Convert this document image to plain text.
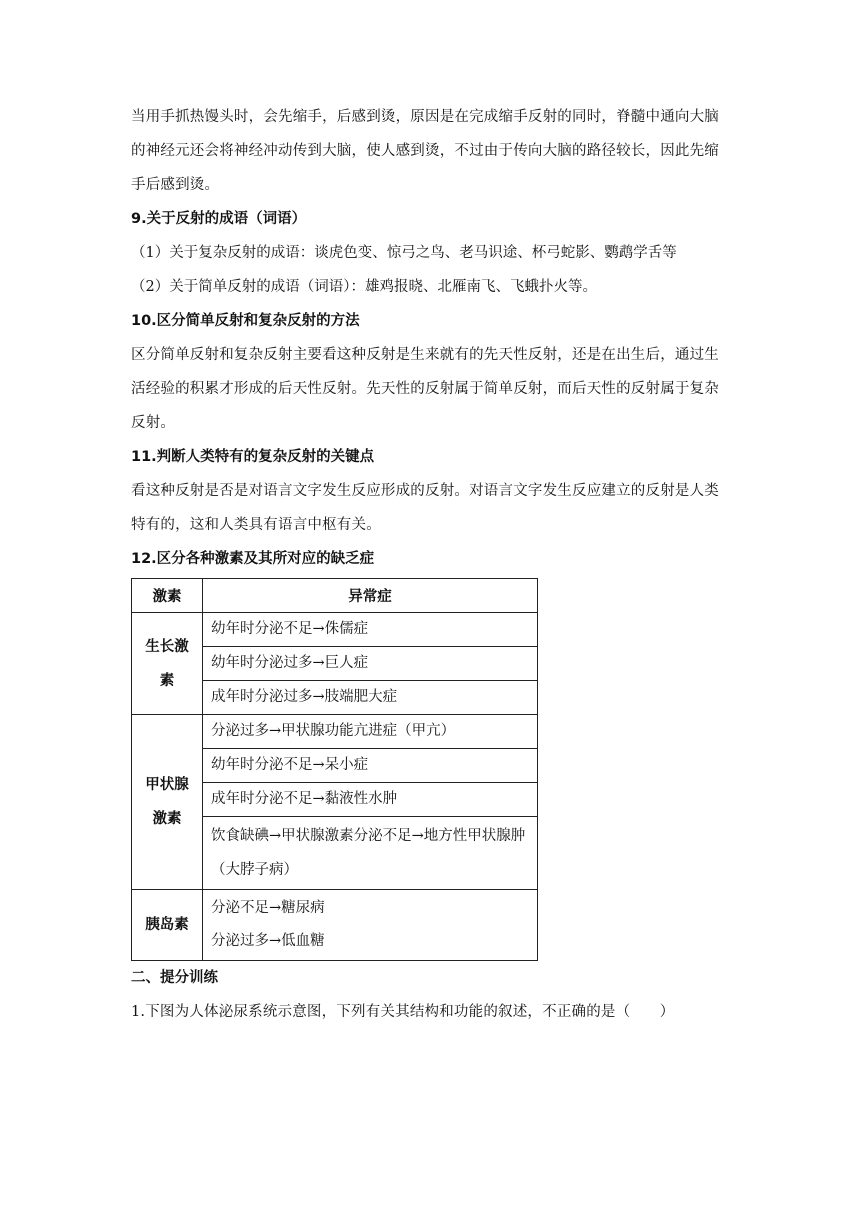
当用手抓热馒头时，会先缩手，后感到烫，原因是在完成缩手反射的同时，脊髓中通向大脑的神经元还会将神经冲动传到大脑，使人感到烫，不过由于传向大脑的路径较长，因此先缩手后感到烫。

9.关于反射的成语（词语）

（1）关于复杂反射的成语：谈虎色变、惊弓之鸟、老马识途、杯弓蛇影、鹦鹉学舌等

（2）关于简单反射的成语（词语）：雄鸡报晓、北雁南飞、飞蛾扑火等。

10.区分简单反射和复杂反射的方法

区分简单反射和复杂反射主要看这种反射是生来就有的先天性反射，还是在出生后，通过生活经验的积累才形成的后天性反射。先天性的反射属于简单反射，而后天性的反射属于复杂反射。

11.判断人类特有的复杂反射的关键点

看这种反射是否是对语言文字发生反应形成的反射。对语言文字发生反应建立的反射是人类特有的，这和人类具有语言中枢有关。

12.区分各种激素及其所对应的缺乏症

激素	异常症
生长激素	幼年时分泌不足→侏儒症
	幼年时分泌过多→巨人症
	成年时分泌过多→肢端肥大症
甲状腺激素	分泌过多→甲状腺功能亢进症（甲亢）
	幼年时分泌不足→呆小症
	成年时分泌不足→黏液性水肿
	饮食缺碘→甲状腺激素分泌不足→地方性甲状腺肿（大脖子病）
胰岛素	分泌不足→糖尿病
分泌过多→低血糖

二、提分训练

1.下图为人体泌尿系统示意图，下列有关其结构和功能的叙述，不正确的是（　　）
